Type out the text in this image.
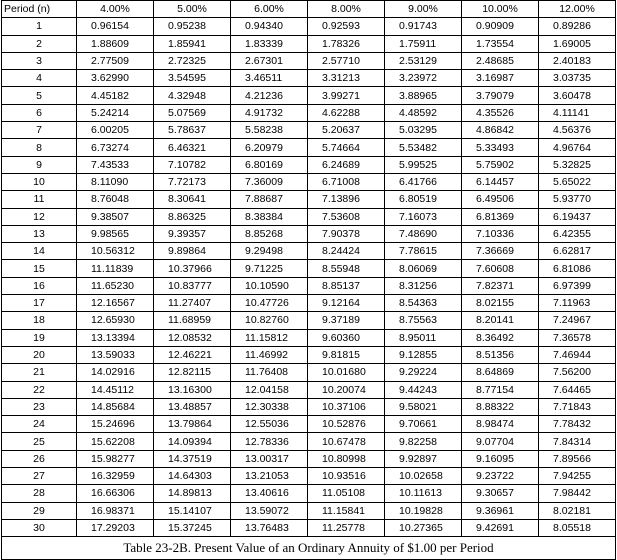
Period (n)	4.00%	5.00%	6.00%	8.00%	9.00%	10.00%	12.00%
1	0.96154	0.95238	0.94340	0.92593	0.91743	0.90909	0.89286
2	1.88609	1.85941	1.83339	1.78326	1.75911	1.73554	1.69005
3	2.77509	2.72325	2.67301	2.57710	2.53129	2.48685	2.40183
4	3.62990	3.54595	3.46511	3.31213	3.23972	3.16987	3.03735
5	4.45182	4.32948	4.21236	3.99271	3.88965	3.79079	3.60478
6	5.24214	5.07569	4.91732	4.62288	4.48592	4.35526	4.11141
7	6.00205	5.78637	5.58238	5.20637	5.03295	4.86842	4.56376
8	6.73274	6.46321	6.20979	5.74664	5.53482	5.33493	4.96764
9	7.43533	7.10782	6.80169	6.24689	5.99525	5.75902	5.32825
10	8.11090	7.72173	7.36009	6.71008	6.41766	6.14457	5.65022
11	8.76048	8.30641	7.88687	7.13896	6.80519	6.49506	5.93770
12	9.38507	8.86325	8.38384	7.53608	7.16073	6.81369	6.19437
13	9.98565	9.39357	8.85268	7.90378	7.48690	7.10336	6.42355
14	10.56312	9.89864	9.29498	8.24424	7.78615	7.36669	6.62817
15	11.11839	10.37966	9.71225	8.55948	8.06069	7.60608	6.81086
16	11.65230	10.83777	10.10590	8.85137	8.31256	7.82371	6.97399
17	12.16567	11.27407	10.47726	9.12164	8.54363	8.02155	7.11963
18	12.65930	11.68959	10.82760	9.37189	8.75563	8.20141	7.24967
19	13.13394	12.08532	11.15812	9.60360	8.95011	8.36492	7.36578
20	13.59033	12.46221	11.46992	9.81815	9.12855	8.51356	7.46944
21	14.02916	12.82115	11.76408	10.01680	9.29224	8.64869	7.56200
22	14.45112	13.16300	12.04158	10.20074	9.44243	8.77154	7.64465
23	14.85684	13.48857	12.30338	10.37106	9.58021	8.88322	7.71843
24	15.24696	13.79864	12.55036	10.52876	9.70661	8.98474	7.78432
25	15.62208	14.09394	12.78336	10.67478	9.82258	9.07704	7.84314
26	15.98277	14.37519	13.00317	10.80998	9.92897	9.16095	7.89566
27	16.32959	14.64303	13.21053	10.93516	10.02658	9.23722	7.94255
28	16.66306	14.89813	13.40616	11.05108	10.11613	9.30657	7.98442
29	16.98371	15.14107	13.59072	11.15841	10.19828	9.36961	8.02181
30	17.29203	15.37245	13.76483	11.25778	10.27365	9.42691	8.05518
Table 23-2B. Present Value of an Ordinary Annuity of $1.00 per Period							
